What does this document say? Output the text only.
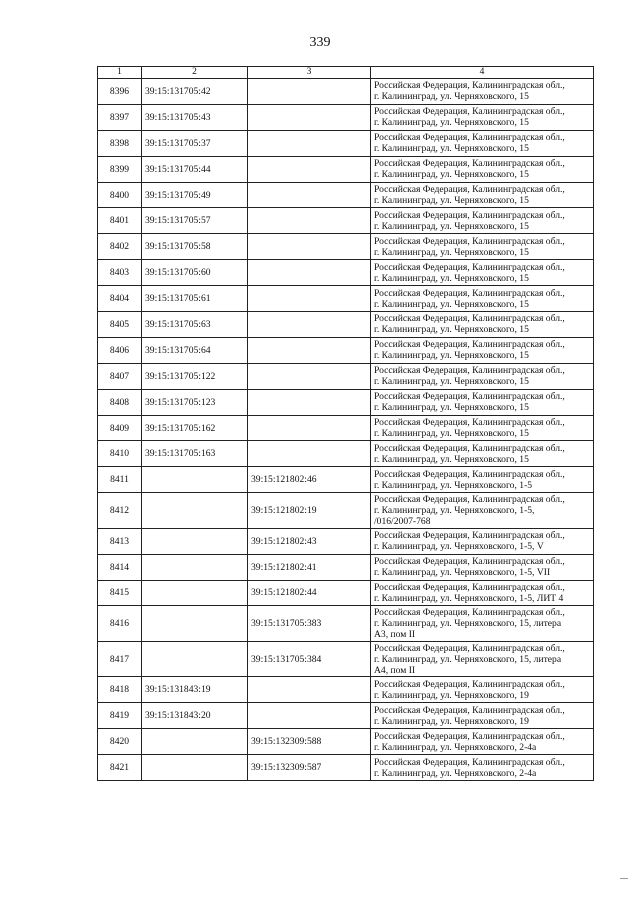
339
1	2	3	4
8396	39:15:131705:42		Российская Федерация, Калининградская обл.,
г. Калининград, ул. Черняховского, 15

8397	39:15:131705:43		Российская Федерация, Калининградская обл.,
г. Калининград, ул. Черняховского, 15

8398	39:15:131705:37		Российская Федерация, Калининградская обл.,
г. Калининград, ул. Черняховского, 15

8399	39:15:131705:44		Российская Федерация, Калининградская обл.,
г. Калининград, ул. Черняховского, 15

8400	39:15:131705:49		Российская Федерация, Калининградская обл.,
г. Калининград, ул. Черняховского, 15

8401	39:15:131705:57		Российская Федерация, Калининградская обл.,
г. Калининград, ул. Черняховского, 15

8402	39:15:131705:58		Российская Федерация, Калининградская обл.,
г. Калининград, ул. Черняховского, 15

8403	39:15:131705:60		Российская Федерация, Калининградская обл.,
г. Калининград, ул. Черняховского, 15

8404	39:15:131705:61		Российская Федерация, Калининградская обл.,
г. Калининград, ул. Черняховского, 15

8405	39:15:131705:63		Российская Федерация, Калининградская обл.,
г. Калининград, ул. Черняховского, 15

8406	39:15:131705:64		Российская Федерация, Калининградская обл.,
г. Калининград, ул. Черняховского, 15

8407	39:15:131705:122		Российская Федерация, Калининградская обл.,
г. Калининград, ул. Черняховского, 15

8408	39:15:131705:123		Российская Федерация, Калининградская обл.,
г. Калининград, ул. Черняховского, 15

8409	39:15:131705:162		Российская Федерация, Калининградская обл.,
г. Калининград, ул. Черняховского, 15

8410	39:15:131705:163		Российская Федерация, Калининградская обл.,
г. Калининград, ул. Черняховского, 15

8411		39:15:121802:46	Российская Федерация, Калининградская обл.,
г. Калининград, ул. Черняховского, 1-5

8412		39:15:121802:19	Российская Федерация, Калининградская обл.,
г. Калининград, ул. Черняховского, 1-5,
/016/2007-768

8413		39:15:121802:43	Российская Федерация, Калининградская обл.,
г. Калининград, ул. Черняховского, 1-5, V

8414		39:15:121802:41	Российская Федерация, Калининградская обл.,
г. Калининград, ул. Черняховского, 1-5, VII

8415		39:15:121802:44	Российская Федерация, Калининградская обл.,
г. Калининград, ул. Черняховского, 1-5, ЛИТ 4

8416		39:15:131705:383	Российская Федерация, Калининградская обл.,
г. Калининград, ул. Черняховского, 15, литера
А3, пом II

8417		39:15:131705:384	Российская Федерация, Калининградская обл.,
г. Калининград, ул. Черняховского, 15, литера
А4, пом II

8418	39:15:131843:19		Российская Федерация, Калининградская обл.,
г. Калининград, ул. Черняховского, 19

8419	39:15:131843:20		Российская Федерация, Калининградская обл.,
г. Калининград, ул. Черняховского, 19

8420		39:15:132309:588	Российская Федерация, Калининградская обл.,
г. Калининград, ул. Черняховского, 2-4а

8421		39:15:132309:587	Российская Федерация, Калининградская обл.,
г. Калининград, ул. Черняховского, 2-4а
